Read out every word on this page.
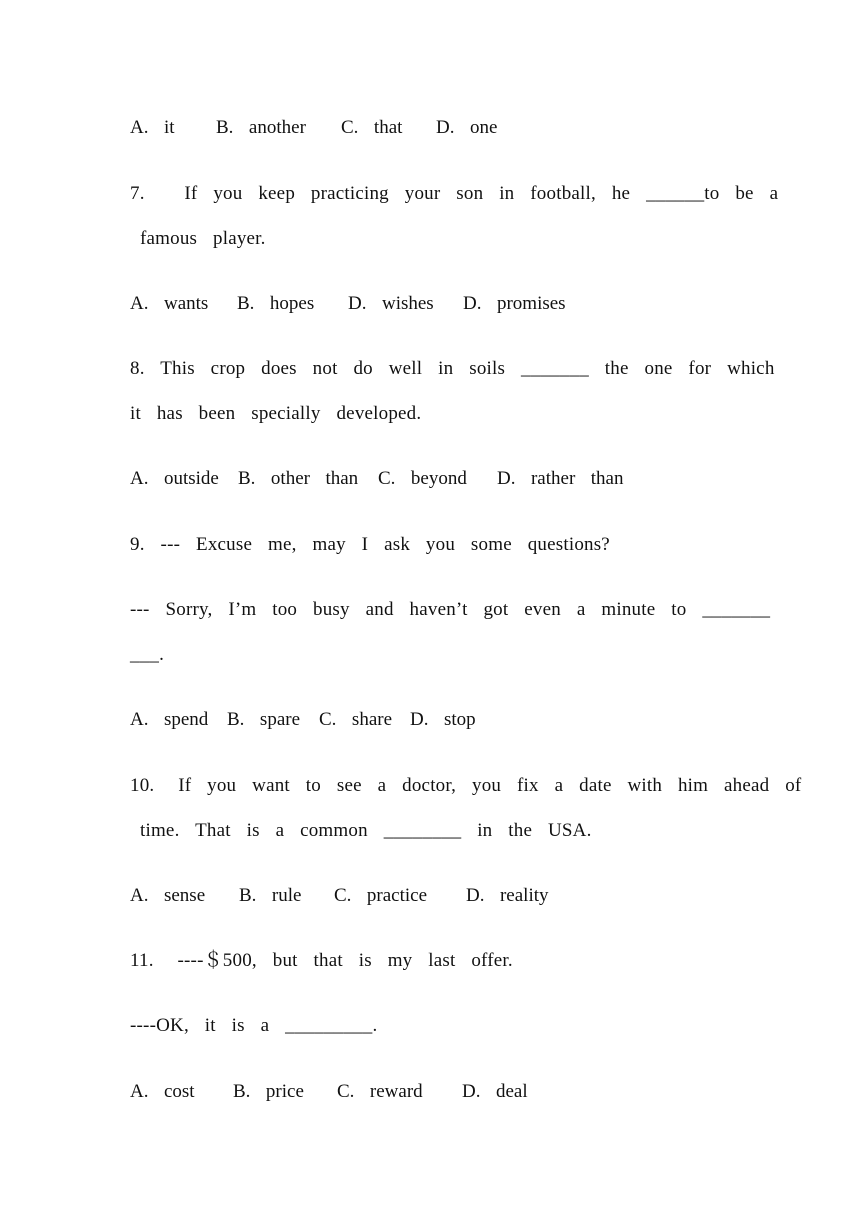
A.  it	B.  another	C.  that	D.  one
7.     If  you  keep  practicing  your  son  in  football,  he  ______to  be  a
famous  player.
A.  wants	B.  hopes	D.  wishes	D.  promises
8.  This  crop  does  not  do  well  in  soils  _______  the  one  for  which
it  has  been  specially  developed.
A.  outside	B.  other  than	C.  beyond	D.  rather  than
9.  ---  Excuse  me,  may  I  ask  you  some  questions?
---  Sorry,  I’m  too  busy  and  haven’t  got  even  a  minute  to  _______
___.
A.  spend B.  spare C.  share D.  stop
10.   If  you  want  to  see  a  doctor,  you  fix  a  date  with  him  ahead  of
time.  That  is  a  common  ________  in  the  USA.
A.  sense	B.  rule	C.  practice	D.  reality
11.   ----＄500,  but  that  is  my  last  offer.
----OK,  it  is  a  _________.
A.  cost	B.  price	C.  reward	D.  deal
